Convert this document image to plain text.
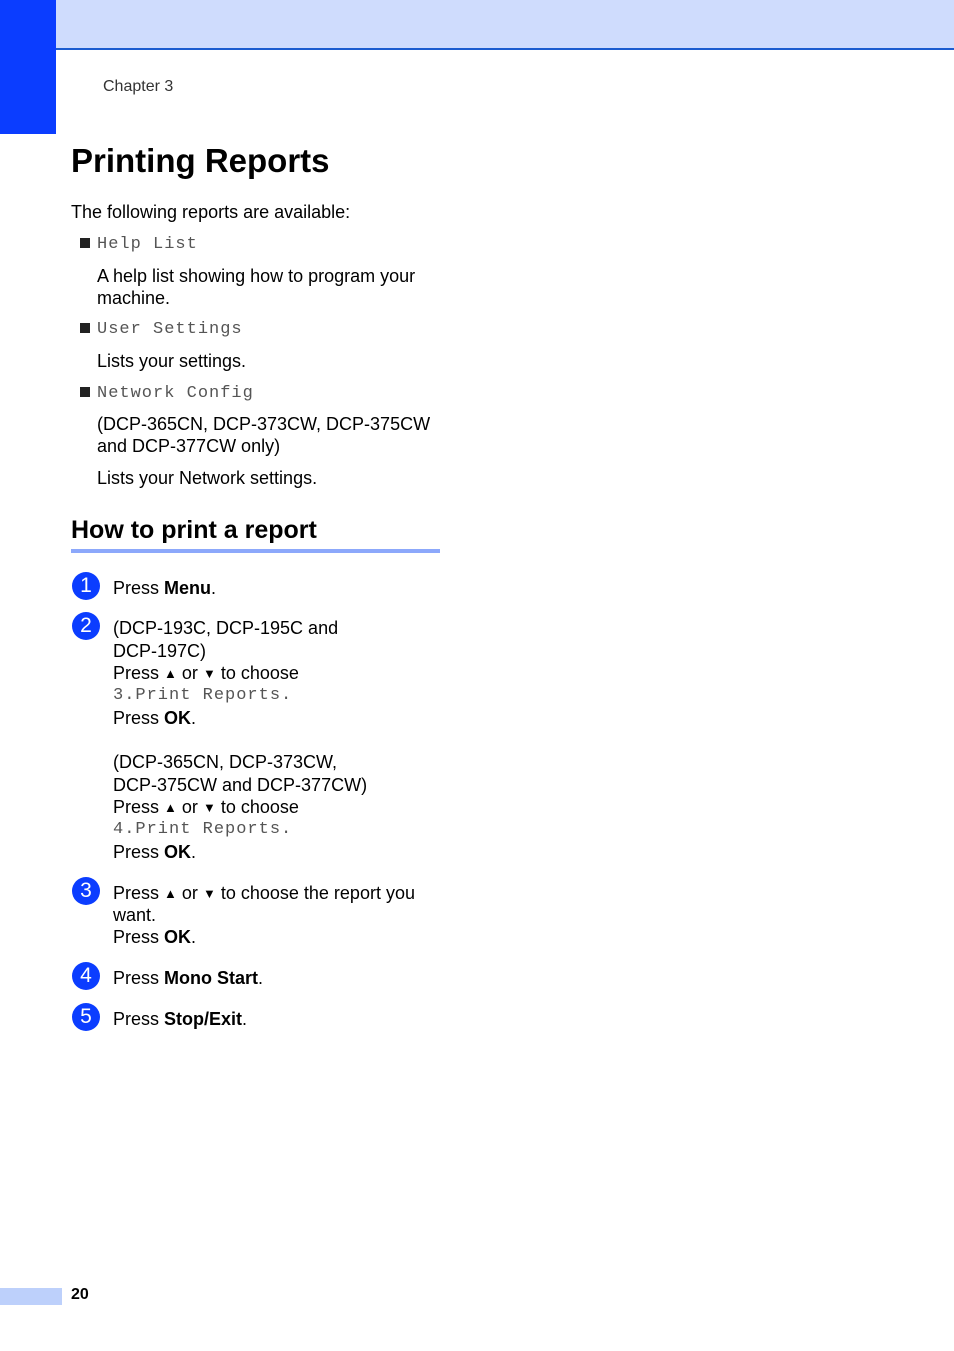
Chapter 3
Printing Reports

The following reports are available:

Help List

A help list showing how to program your

machine.

User Settings

Lists your settings.

Network Config

(DCP-365CN, DCP-373CW, DCP-375CW

and DCP-377CW only)

Lists your Network settings.

How to print a report
1	Press Menu.

2	(DCP-193C, DCP-195C and

DCP-197C)

Press ▲ or ▼ to choose

3.Print Reports.

Press OK.

(DCP-365CN, DCP-373CW,

DCP-375CW and DCP-377CW)

Press ▲ or ▼ to choose

4.Print Reports.

Press OK.

3	Press ▲ or ▼ to choose the report you

want.

Press OK.

4	Press Mono Start.

5	Press Stop/Exit.

20
